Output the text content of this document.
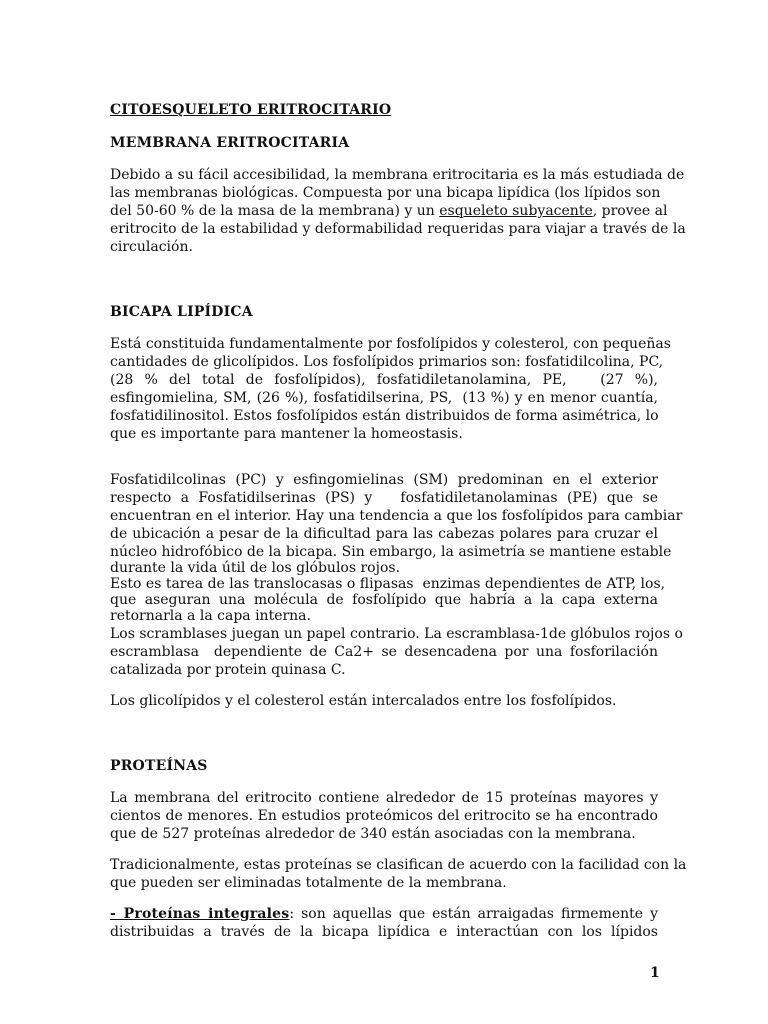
CITOESQUELETO ERITROCITARIO
MEMBRANA ERITROCITARIA
Debido a su fácil accesibilidad, la membrana eritrocitaria es la más estudiada de
las membranas biológicas. Compuesta por una bicapa lipídica (los lípidos son
del 50-60 % de la masa de la membrana) y un esqueleto subyacente, provee al
eritrocito de la estabilidad y deformabilidad requeridas para viajar a través de la
circulación.
BICAPA LIPÍDICA
Está constituida fundamentalmente por fosfolípidos y colesterol, con pequeñas
cantidades de glicolípidos. Los fosfolípidos primarios son: fosfatidilcolina, PC,
(28 % del total de fosfolípidos), fosfatidiletanolamina, PE,   (27 %),
esfingomielina, SM, (26 %), fosfatidilserina, PS,  (13 %) y en menor cuantía,
fosfatidilinositol. Estos fosfolípidos están distribuidos de forma asimétrica, lo
que es importante para mantener la homeostasis.
Fosfatidilcolinas (PC) y esfingomielinas (SM) predominan en el exterior
respecto a Fosfatidilserinas (PS) y   fosfatidiletanolaminas (PE) que se
encuentran en el interior. Hay una tendencia a que los fosfolípidos para cambiar
de ubicación a pesar de la dificultad para las cabezas polares para cruzar el
núcleo hidrofóbico de la bicapa. Sin embargo, la asimetría se mantiene estable
durante la vida útil de los glóbulos rojos.
Esto es tarea de las translocasas o flipasas  enzimas dependientes de ATP, los,
que aseguran una molécula de fosfolípido que habría a la capa externa
retornarla a la capa interna.
Los scramblases juegan un papel contrario. La escramblasa-1de glóbulos rojos o
escramblasa  dependiente de Ca2+ se desencadena por una fosforilación
catalizada por protein quinasa C.
Los glicolípidos y el colesterol están intercalados entre los fosfolípidos.
PROTEÍNAS
La membrana del eritrocito contiene alrededor de 15 proteínas mayores y
cientos de menores. En estudios proteómicos del eritrocito se ha encontrado
que de 527 proteínas alrededor de 340 están asociadas con la membrana.
Tradicionalmente, estas proteínas se clasifican de acuerdo con la facilidad con la
que pueden ser eliminadas totalmente de la membrana.
- Proteínas integrales: son aquellas que están arraigadas firmemente y
distribuidas a través de la bicapa lipídica e interactúan con los lípidos
1
